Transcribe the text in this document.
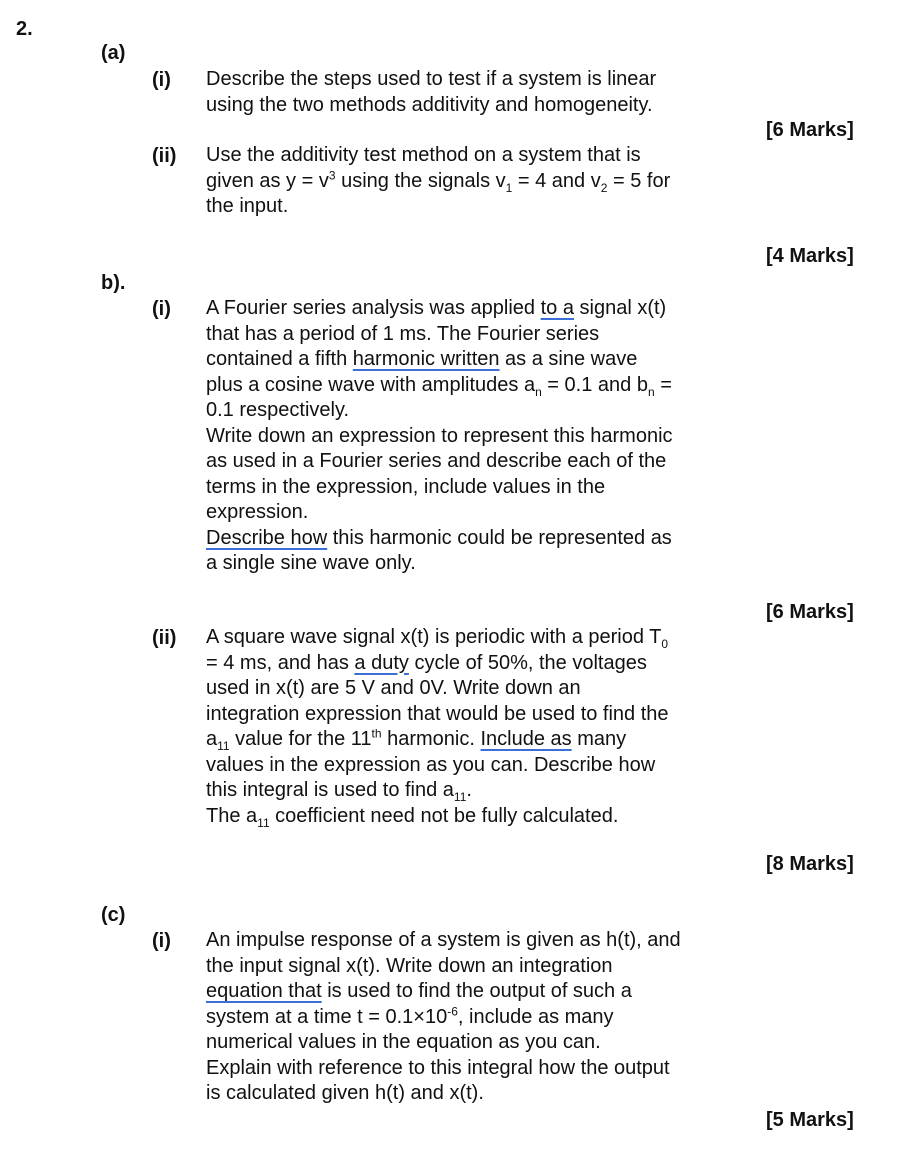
2.
(a)
(i) Describe the steps used to test if a system is linear
using the two methods additivity and homogeneity.
[6 Marks]
(ii) Use the additivity test method on a system that is
given as $y = v^3$ using the signals $v_1 = 4$ and $v_2 = 5$ for
the input.
[4 Marks]
b).
(i) A Fourier series analysis was applied to a signal x(t)
that has a period of 1 ms. The Fourier series
contained a fifth harmonic written as a sine wave
plus a cosine wave with amplitudes $a_n = 0.1$ and $b_n$ =
0.1 respectively.
Write down an expression to represent this harmonic
as used in a Fourier series and describe each of the
terms in the expression, include values in the
expression.
Describe how this harmonic could be represented as
a single sine wave only.
[6 Marks]
(ii) A square wave signal x(t) is periodic with a period $T_0$
= 4 ms, and has a duty cycle of 50%, the voltages
used in x(t) are 5 V and 0V. Write down an
integration expression that would be used to find the
$a_{11}$ value for the 11th harmonic. Include as many
values in the expression as you can. Describe how
this integral is used to find $a_{11}$.
The $a_{11}$ coefficient need not be fully calculated.
[8 Marks]
(c)
(i) An impulse response of a system is given as h(t), and
the input signal x(t). Write down an integration
equation that is used to find the output of such a
system at a time $t = 0.1\times 10^{-6}$, include as many
numerical values in the equation as you can.
Explain with reference to this integral how the output
is calculated given h(t) and x(t).
[5 Marks]
